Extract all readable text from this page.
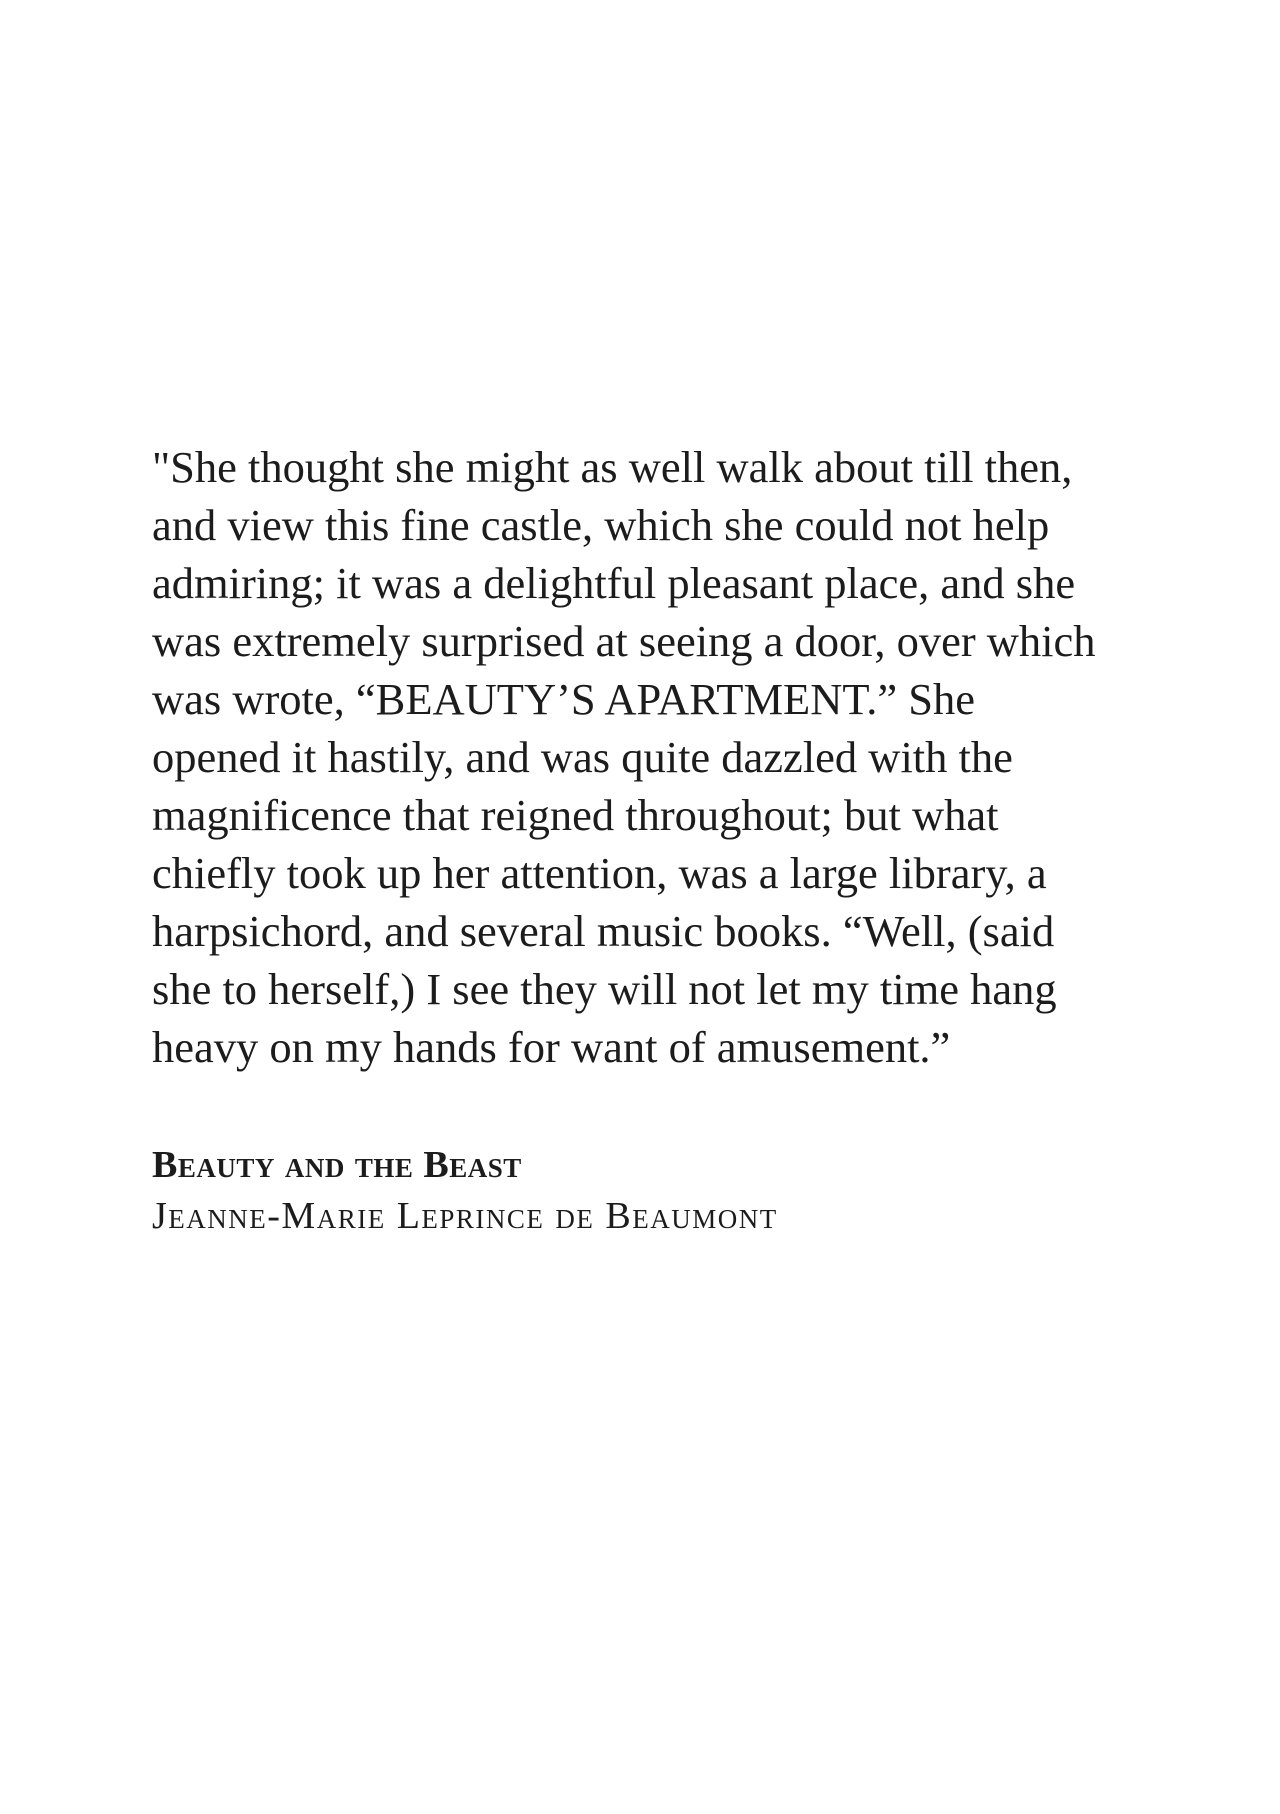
"She thought she might as well walk about till then,
and view this fine castle, which she could not help
admiring; it was a delightful pleasant place, and she
was extremely surprised at seeing a door, over which
was wrote, “BEAUTY’S APARTMENT.” She
opened it hastily, and was quite dazzled with the
magnificence that reigned throughout; but what
chiefly took up her attention, was a large library, a
harpsichord, and several music books. “Well, (said
she to herself,) I see they will not let my time hang
heavy on my hands for want of amusement.”
Beauty and the Beast
Jeanne-Marie Leprince de Beaumont
